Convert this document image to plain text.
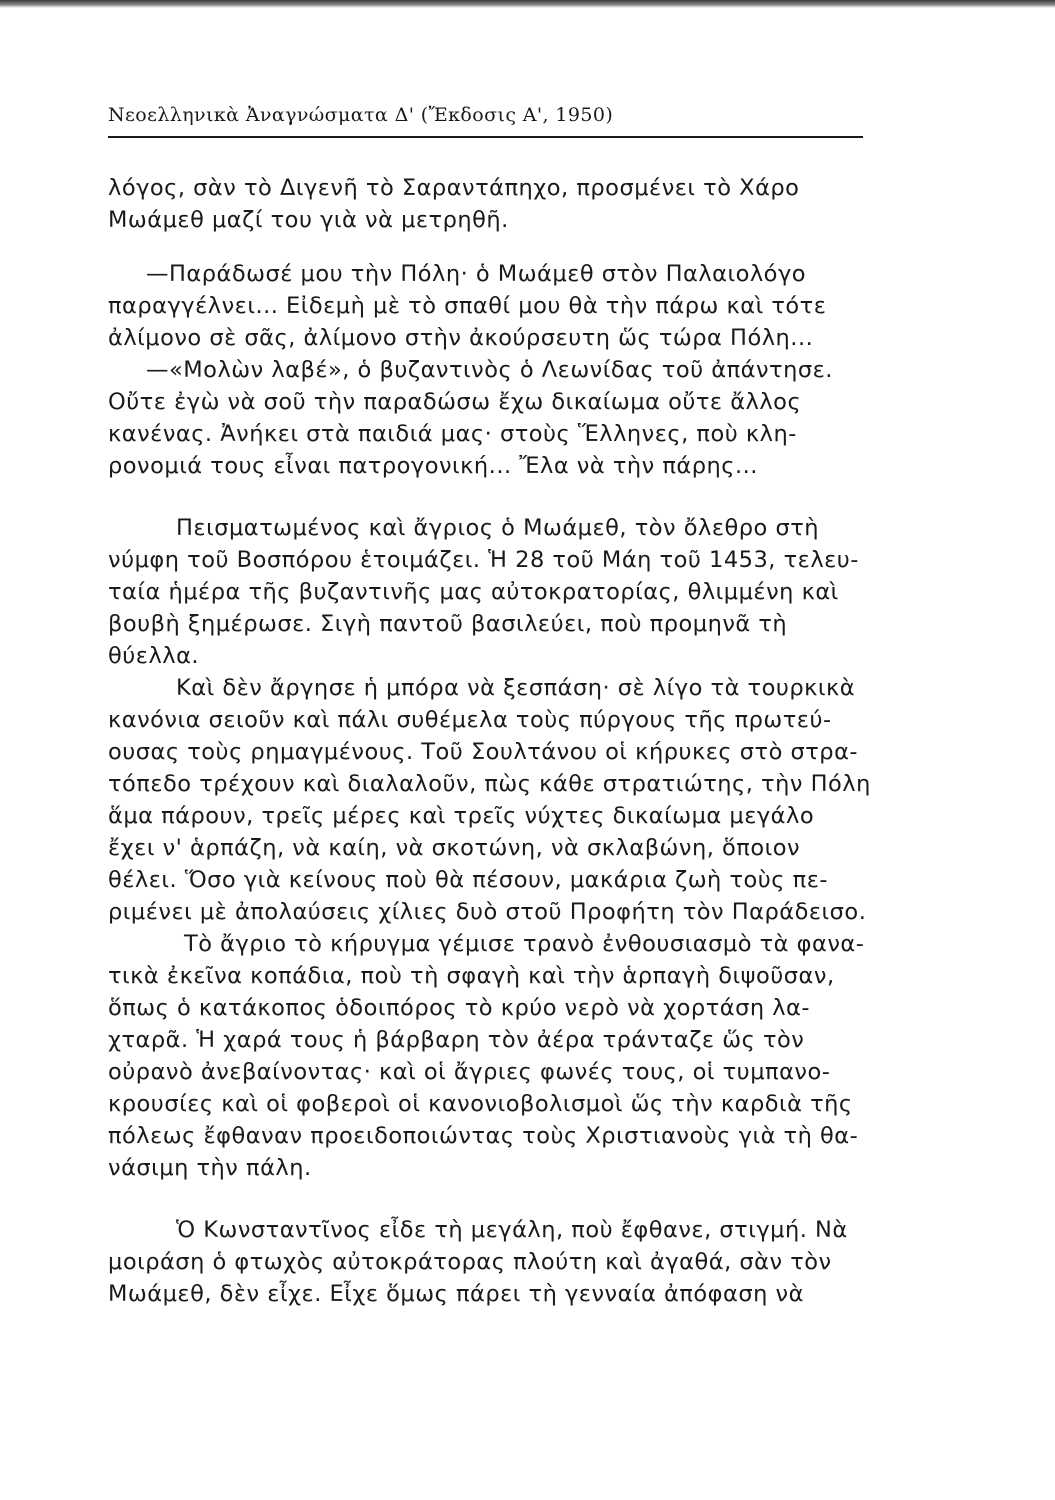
Νεοελληνικὰ Ἀναγνώσματα Δ' (Ἔκδοσις Α', 1950)
λόγος, σὰν τὸ Διγενῆ τὸ Σαραντάπηχο, προσμένει τὸ Χάρο
Μωάμεθ μαζί του γιὰ νὰ μετρηθῆ.
—Παράδωσέ μου τὴν Πόλη· ὁ Μωάμεθ στὸν Παλαιολόγο
παραγγέλνει... Εἰδεμὴ μὲ τὸ σπαθί μου θὰ τὴν πάρω καὶ τότε
ἀλίμονο σὲ σᾶς, ἀλίμονο στὴν ἀκούρσευτη ὥς τώρα Πόλη...
—«Μολὼν λαβέ», ὁ βυζαντινὸς ὁ Λεωνίδας τοῦ ἀπάντησε.
Οὔτε ἐγὼ νὰ σοῦ τὴν παραδώσω ἔχω δικαίωμα οὔτε ἄλλος
κανένας. Ἀνήκει στὰ παιδιά μας· στοὺς Ἕλληνες, ποὺ κλη-
ρονομιά τους εἶναι πατρογονική... Ἔλα νὰ τὴν πάρης...
Πεισματωμένος καὶ ἄγριος ὁ Μωάμεθ, τὸν ὄλεθρο στὴ
νύμφη τοῦ Βοσπόρου ἑτοιμάζει. Ἡ 28 τοῦ Μάη τοῦ 1453, τελευ-
ταία ἡμέρα τῆς βυζαντινῆς μας αὐτοκρατορίας, θλιμμένη καὶ
βουβὴ ξημέρωσε. Σιγὴ παντοῦ βασιλεύει, ποὺ προμηνᾶ τὴ
θύελλα.
Καὶ δὲν ἄργησε ἡ μπόρα νὰ ξεσπάση· σὲ λίγο τὰ τουρκικὰ
κανόνια σειοῦν καὶ πάλι συθέμελα τοὺς πύργους τῆς πρωτεύ-
ουσας τοὺς ρημαγμένους. Τοῦ Σουλτάνου οἱ κήρυκες στὸ στρα-
τόπεδο τρέχουν καὶ διαλαλοῦν, πὼς κάθε στρατιώτης, τὴν Πόλη
ἅμα πάρουν, τρεῖς μέρες καὶ τρεῖς νύχτες δικαίωμα μεγάλο
ἔχει ν' ἁρπάζη, νὰ καίη, νὰ σκοτώνη, νὰ σκλαβώνη, ὅποιον
θέλει. Ὅσο γιὰ κείνους ποὺ θὰ πέσουν, μακάρια ζωὴ τοὺς πε-
ριμένει μὲ ἀπολαύσεις χίλιες δυὸ στοῦ Προφήτη τὸν Παράδεισο.
Τὸ ἄγριο τὸ κήρυγμα γέμισε τρανὸ ἐνθουσιασμὸ τὰ φανα-
τικὰ ἐκεῖνα κοπάδια, ποὺ τὴ σφαγὴ καὶ τὴν ἁρπαγὴ διψοῦσαν,
ὅπως ὁ κατάκοπος ὁδοιπόρος τὸ κρύο νερὸ νὰ χορτάση λα-
χταρᾶ. Ἡ χαρά τους ἡ βάρβαρη τὸν ἀέρα τράνταζε ὥς τὸν
οὐρανὸ ἀνεβαίνοντας· καὶ οἱ ἄγριες φωνές τους, οἱ τυμπανο-
κρουσίες καὶ οἱ φοβεροὶ οἱ κανονιοβολισμοὶ ὥς τὴν καρδιὰ τῆς
πόλεως ἔφθαναν προειδοποιώντας τοὺς Χριστιανοὺς γιὰ τὴ θα-
νάσιμη τὴν πάλη.
Ὁ Κωνσταντῖνος εἶδε τὴ μεγάλη, ποὺ ἔφθανε, στιγμή. Νὰ
μοιράση ὁ φτωχὸς αὐτοκράτορας πλούτη καὶ ἀγαθά, σὰν τὸν
Μωάμεθ, δὲν εἶχε. Εἶχε ὅμως πάρει τὴ γενναία ἀπόφαση νὰ
